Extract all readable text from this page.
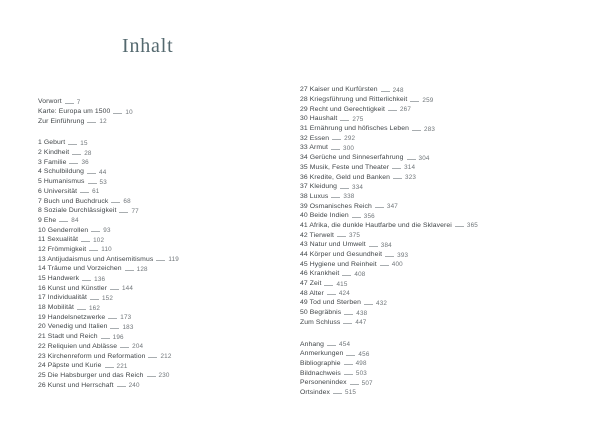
Inhalt
Vorwort 7
Karte: Europa um 1500 10
Zur Einführung 12
1 Geburt 15
2 Kindheit 28
3 Familie 36
4 Schulbildung 44
5 Humanismus 53
6 Universität 61
7 Buch und Buchdruck 68
8 Soziale Durchlässigkeit 77
9 Ehe 84
10 Genderrollen 93
11 Sexualität 102
12 Frömmigkeit 110
13 Antijudaismus und Antisemitismus 119
14 Träume und Vorzeichen 128
15 Handwerk 136
16 Kunst und Künstler 144
17 Individualität 152
18 Mobilität 162
19 Handelsnetzwerke 173
20 Venedig und Italien 183
21 Stadt und Reich 196
22 Reliquien und Ablässe 204
23 Kirchenreform und Reformation 212
24 Päpste und Kurie 221
25 Die Habsburger und das Reich 230
26 Kunst und Herrschaft 240
27 Kaiser und Kurfürsten 248
28 Kriegsführung und Ritterlichkeit 259
29 Recht und Gerechtigkeit 267
30 Haushalt 275
31 Ernährung und höfisches Leben 283
32 Essen 292
33 Armut 300
34 Gerüche und Sinneserfahrung 304
35 Musik, Feste und Theater 314
36 Kredite, Geld und Banken 323
37 Kleidung 334
38 Luxus 338
39 Osmanisches Reich 347
40 Beide Indien 356
41 Afrika, die dunkle Hautfarbe und die Sklaverei 365
42 Tierwelt 375
43 Natur und Umwelt 384
44 Körper und Gesundheit 393
45 Hygiene und Reinheit 400
46 Krankheit 408
47 Zeit 415
48 Alter 424
49 Tod und Sterben 432
50 Begräbnis 438
Zum Schluss 447
Anhang 454
Anmerkungen 456
Bibliographie 498
Bildnachweis 503
Personenindex 507
Ortsindex 515
